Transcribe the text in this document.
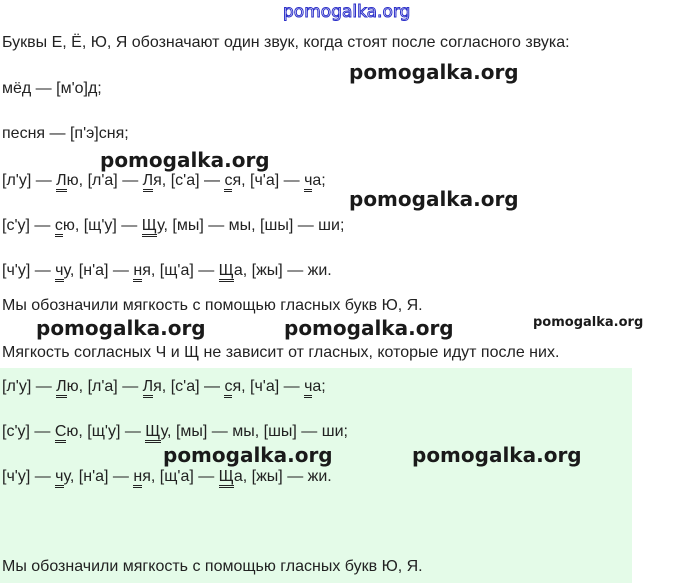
pomogalka.org
Буквы Е, Ё, Ю, Я обозначают один звук, когда стоят после согласного звука:
pomogalka.org
мёд — [м'о]д;
песня — [п'э]сня;
pomogalka.org
[л'у] — Лю, [л'а] — Ля, [с'а] — ся, [ч'а] — ча;
pomogalka.org
[с'у] — сю, [щ'у] — Щу, [мы] — мы, [шы] — ши;
[ч'у] — чу, [н'а] — ня, [щ'а] — Ща, [жы] — жи.
Мы обозначили мягкость с помощью гласных букв Ю, Я.
pomogalka.org	pomogalka.org	pomogalka.org
Мягкость согласных Ч и Щ не зависит от гласных, которые идут после них.
[л'у] — Лю, [л'а] — Ля, [с'а] — ся, [ч'а] — ча;
[с'у] — Сю, [щ'у] — Щу, [мы] — мы, [шы] — ши;
pomogalka.org	pomogalka.org
[ч'у] — чу, [н'а] — ня, [щ'а] — Ща, [жы] — жи.
Мы обозначили мягкость с помощью гласных букв Ю, Я.
